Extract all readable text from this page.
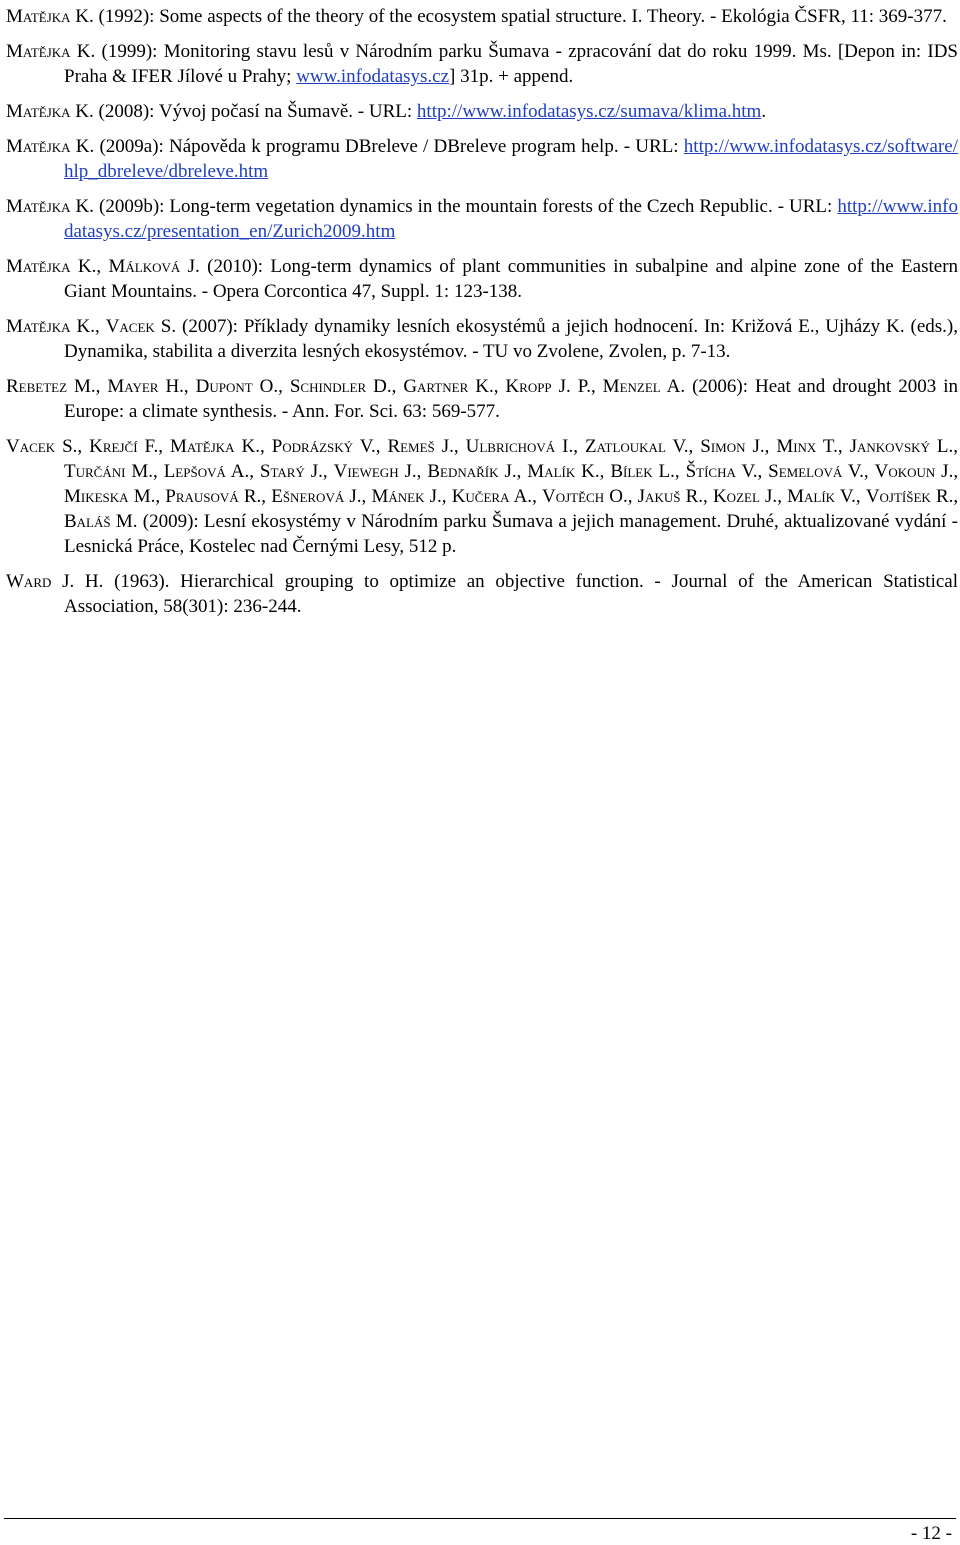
Matějka K. (1992): Some aspects of the theory of the ecosystem spatial structure. I. Theory. - Ekológia ČSFR, 11: 369-377.

Matějka K. (1999): Monitoring stavu lesů v Národním parku Šumava - zpracování dat do roku 1999. Ms. [Depon in: IDS Praha & IFER Jílové u Prahy; www.infodatasys.cz] 31p. + append.

Matějka K. (2008): Vývoj počasí na Šumavě. - URL: http://www.infodatasys.cz/sumava/klima.htm.

Matějka K. (2009a): Nápověda k programu DBreleve / DBreleve program help. - URL: http://www.infodatasys.cz/software/hlp_dbreleve/dbreleve.htm

Matějka K. (2009b): Long-term vegetation dynamics in the mountain forests of the Czech Republic. - URL: http://www.infodatasys.cz/presentation_en/Zurich2009.htm

Matějka K., Málková J. (2010): Long-term dynamics of plant communities in subalpine and alpine zone of the Eastern Giant Mountains. - Opera Corcontica 47, Suppl. 1: 123-138.

Matějka K., Vacek S. (2007): Příklady dynamiky lesních ekosystémů a jejich hodnocení. In: Križová E., Ujházy K. (eds.), Dynamika, stabilita a diverzita lesných ekosystémov. - TU vo Zvolene, Zvolen, p. 7-13.

Rebetez M., Mayer H., Dupont O., Schindler D., Gartner K., Kropp J. P., Menzel A. (2006): Heat and drought 2003 in Europe: a climate synthesis. - Ann. For. Sci. 63: 569-577.

Vacek S., Krejčí F., Matějka K., Podrázský V., Remeš J., Ulbrichová I., Zatloukal V., Simon J., Minx T., Jankovský L., Turčáni M., Lepšová A., Starý J., Viewegh J., Bednařík J., Malík K., Bílek L., Štícha V., Semelová V., Vokoun J., Mikeska M., Prausová R., Ešnerová J., Mánek J., Kučera A., Vojtěch O., Jakuš R., Kozel J., Malík V., Vojtíšek R., Baláš M. (2009): Lesní ekosystémy v Národním parku Šumava a jejich management. Druhé, aktualizované vydání - Lesnická Práce, Kostelec nad Černými Lesy, 512 p.

Ward J. H. (1963). Hierarchical grouping to optimize an objective function. - Journal of the American Statistical Association, 58(301): 236-244.

- 12 -
